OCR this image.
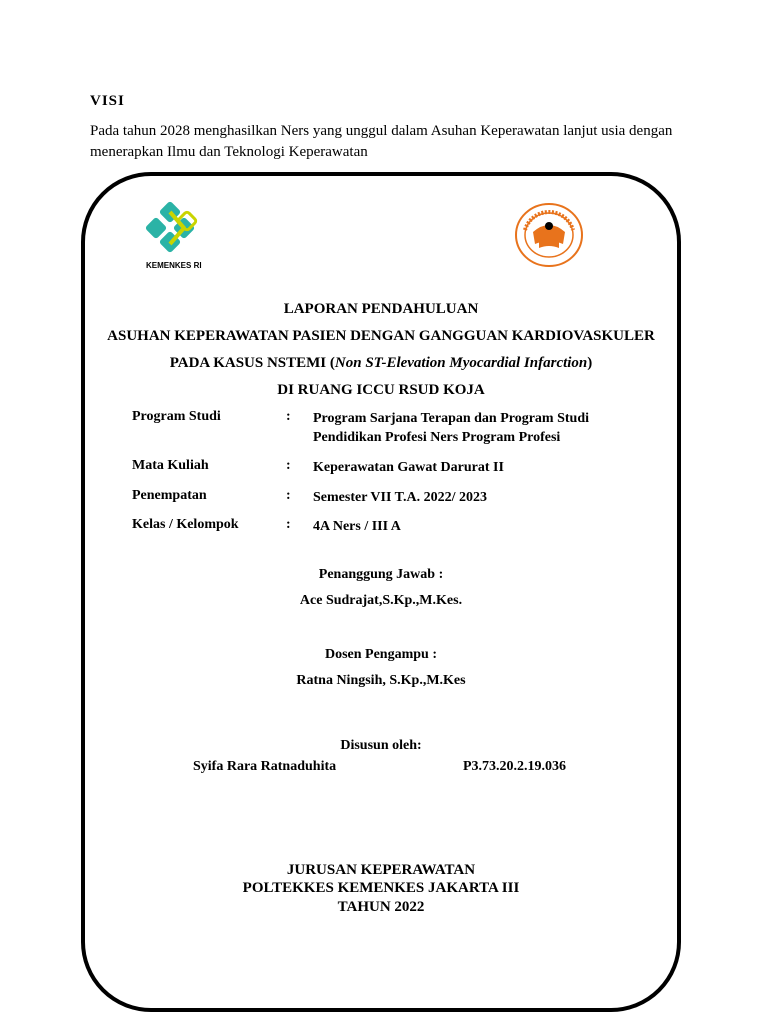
VISI
Pada tahun 2028 menghasilkan Ners yang unggul dalam Asuhan Keperawatan lanjut usia dengan
menerapkan Ilmu dan Teknologi Keperawatan
KEMENKES RI
LAPORAN PENDAHULUAN
ASUHAN KEPERAWATAN PASIEN DENGAN GANGGUAN KARDIOVASKULER
PADA KASUS NSTEMI (Non ST-Elevation Myocardial Infarction)
DI RUANG ICCU RSUD KOJA
Program Studi	: Program Sarjana Terapan dan Program Studi
Pendidikan Profesi Ners Program Profesi
Mata Kuliah	: Keperawatan Gawat Darurat II
Penempatan	: Semester VII T.A. 2022/ 2023
Kelas / Kelompok	: 4A Ners / III A
Penanggung Jawab :
Ace Sudrajat,S.Kp.,M.Kes.
Dosen Pengampu :
Ratna Ningsih, S.Kp.,M.Kes
Disusun oleh:
Syifa Rara Ratnaduhita	P3.73.20.2.19.036
JURUSAN KEPERAWATAN
POLTEKKES KEMENKES JAKARTA III
TAHUN 2022
